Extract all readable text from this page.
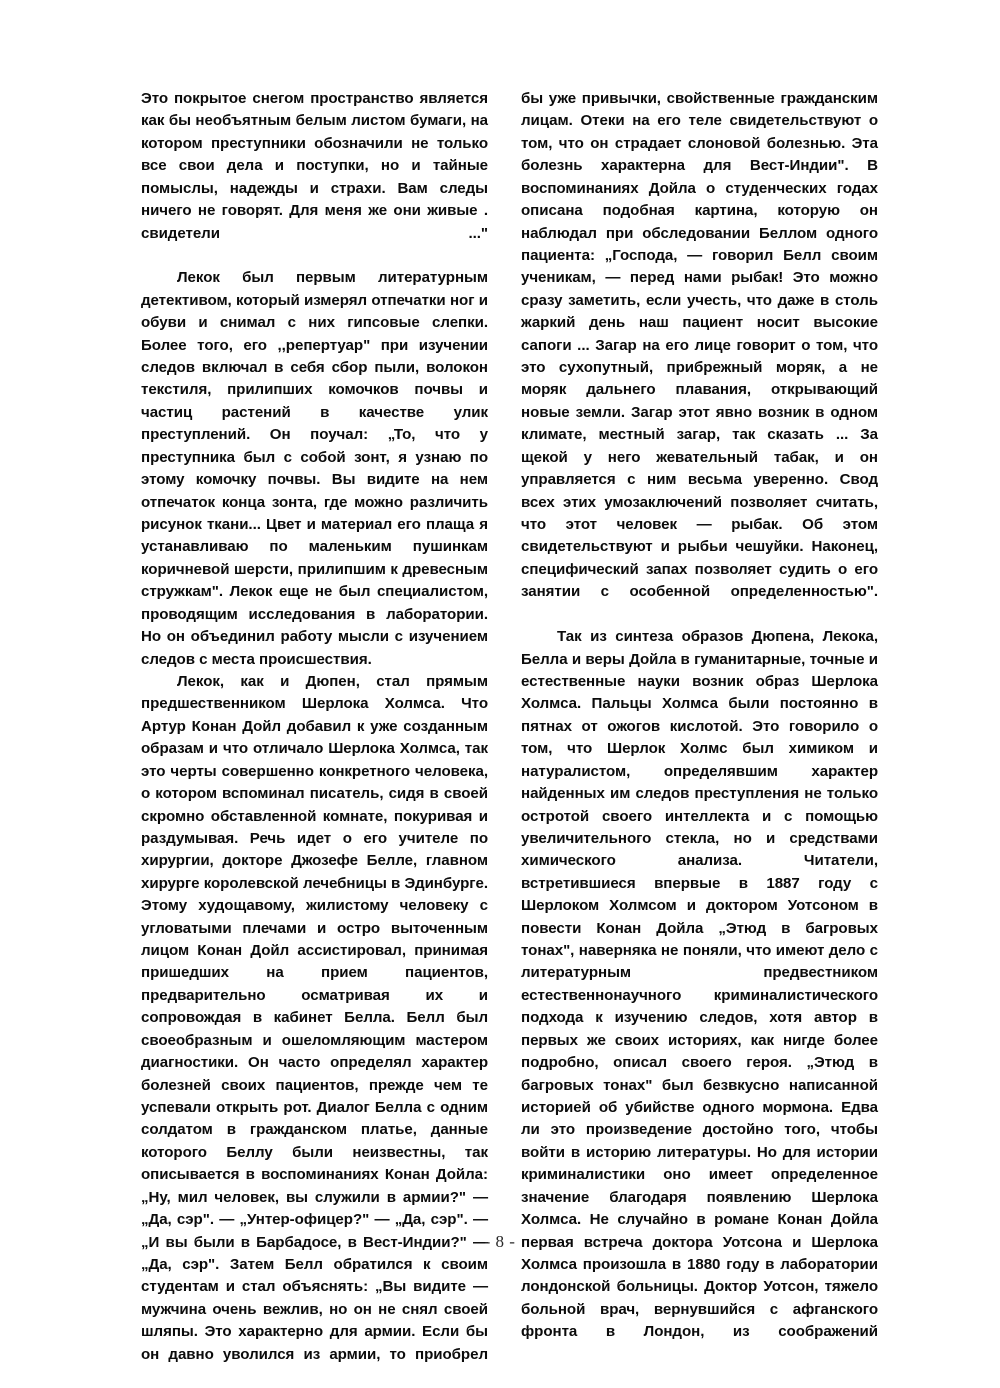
Это покрытое снегом пространство является как бы необъятным белым листом бумаги, на котором преступники обозначили не только все свои дела и поступки, но и тайные помыслы, надежды и страхи. Вам следы ничего не говорят. Для меня же они живые . свидетели ..."

Лекок был первым литературным детективом, который измерял отпечатки ног и обуви и снимал с них гипсовые слепки. Более того, его ,,репертуар" при изучении следов включал в себя сбор пыли, волокон текстиля, прилипших комочков почвы и частиц растений в качестве улик преступлений. Он поучал: „То, что у преступника был с собой зонт, я узнаю по этому комочку почвы. Вы видите на нем отпечаток конца зонта, где можно различить рисунок ткани... Цвет и материал его плаща я устанавливаю по маленьким пушинкам коричневой шерсти, прилипшим к древесным стружкам". Лекок еще не был специалистом, проводящим исследования в лаборатории. Но он объединил работу мысли с изучением следов с места происшествия.

Лекок, как и Дюпен, стал прямым предшественником Шерлока Холмса. Что Артур Конан Дойл добавил к уже созданным образам и что отличало Шерлока Холмса, так это черты совершенно конкретного человека, о котором вспоминал писатель, сидя в своей скромно обставленной комнате, покуривая и раздумывая. Речь идет о его учителе по хирургии, докторе Джозефе Белле, главном хирурге королевской лечебницы в Эдинбурге. Этому худощавому, жилистому человеку с угловатыми плечами и остро выточенным лицом Конан Дойл ассистировал, принимая пришедших на прием пациентов, предварительно осматривая их и сопровождая в кабинет Белла. Белл был своеобразным и ошеломляющим мастером диагностики. Он часто определял характер болезней своих пациентов, прежде чем те успевали открыть рот. Диалог Белла с одним солдатом в гражданском платье, данные которого Беллу были неизвестны, так описывается в воспоминаниях Конан Дойла: „Ну, мил человек, вы служили в армии?" — „Да, сэр". — „Унтер-офицер?" — „Да, сэр". — „И вы были в Барбадосе, в Вест-Индии?" — „Да, сэр". Затем Белл обратился к своим студентам и стал объяснять: „Вы видите — мужчина очень вежлив, но он не снял своей шляпы. Это характерно для армии. Если бы он давно уволился из армии, то приобрел

бы уже привычки, свойственные гражданским лицам. Отеки на его теле свидетельствуют о том, что он страдает слоновой болезнью. Эта болезнь характерна для Вест-Индии". В воспоминаниях Дойла о студенческих годах описана подобная картина, которую он наблюдал при обследовании Беллом одного пациента: „Господа, — говорил Белл своим ученикам, — перед нами рыбак! Это можно сразу заметить, если учесть, что даже в столь жаркий день наш пациент носит высокие сапоги ... Загар на его лице говорит о том, что это сухопутный, прибрежный моряк, а не моряк дальнего плавания, открывающий новые земли. Загар этот явно возник в одном климате, местный загар, так сказать ... За щекой у него жевательный табак, и он управляется с ним весьма уверенно. Свод всех этих умозаключений позволяет считать, что этот человек — рыбак. Об этом свидетельствуют и рыбьи чешуйки. Наконец, специфический запах позволяет судить о его занятии с особенной определенностью".

Так из синтеза образов Дюпена, Лекока, Белла и веры Дойла в гуманитарные, точные и естественные науки возник образ Шерлока Холмса. Пальцы Холмса были постоянно в пятнах от ожогов кислотой. Это говорило о том, что Шерлок Холмс был химиком и натуралистом, определявшим характер найденных им следов преступления не только остротой своего интеллекта и с помощью увеличительного стекла, но и средствами химического анализа. Читатели, встретившиеся впервые в 1887 году с Шерлоком Холмсом и доктором Уотсоном в повести Конан Дойла „Этюд в багровых тонах", наверняка не поняли, что имеют дело с литературным предвестником естественнонаучного криминалистического подхода к изучению следов, хотя автор в первых же своих историях, как нигде более подробно, описал своего героя. „Этюд в багровых тонах" был безвкусно написанной историей об убийстве одного мормона. Едва ли это произведение достойно того, чтобы войти в историю литературы. Но для истории криминалистики оно имеет определенное значение благодаря появлению Шерлока Холмса. Не случайно в романе Конан Дойла первая встреча доктора Уотсона и Шерлока Холмса произошла в 1880 году в лаборатории лондонской больницы. Доктор Уотсон, тяжело больной врач, вернувшийся с афганского фронта в Лондон, из соображений

- 8 -
